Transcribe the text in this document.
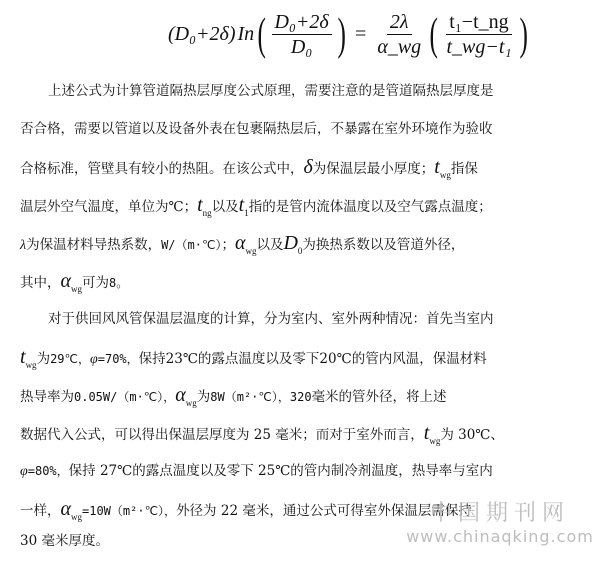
(D₀+2δ) In ( $\frac{\text{D₀+2δ}}{\text{D₀}}$ ) = $\frac{2\lambda}{\alpha\_wg}$ ( $\frac{\text{t₁−t\_ng}}{\text{t\_wg−t₁}}$ )
上述公式为计算管道隔热层厚度公式原理，需要注意的是管道隔热层厚度是
否合格，需要以管道以及设备外表在包裹隔热层后，不暴露在室外环境作为验收
合格标准，管壁具有较小的热阻。在该公式中，δ为保温层最小厚度；$t_{wg}$指保
温层外空气温度，单位为℃；$t_{ng}$以及$t_1$指的是管内流体温度以及空气露点温度；
λ为保温材料导热系数，W/（m·℃）；$\alpha_{wg}$以及$D_0$为换热系数以及管道外径，
其中，$\alpha_{wg}$可为8。
对于供回风风管保温层温度的计算，分为室内、室外两种情况：首先当室内
$t_{wg}$为29℃，φ=70%，保持23℃的露点温度以及零下20℃的管内风温，保温材料
热导率为0.05W/（m·℃），$\alpha_{wg}$为8W（m²·℃），320毫米的管外径，将上述
数据代入公式，可以得出保温层厚度为 25 毫米；而对于室外而言，$t_{wg}$为 30℃、
φ=80%，保持 27℃的露点温度以及零下 25℃的管内制冷剂温度，热导率与室内
一样，$\alpha_{wg}=10W(m^2\cdot℃)$，外径为 22 毫米，通过公式可得室外保温层需保持
30 毫米厚度。
中国期刊网
www.chinaqking.com
